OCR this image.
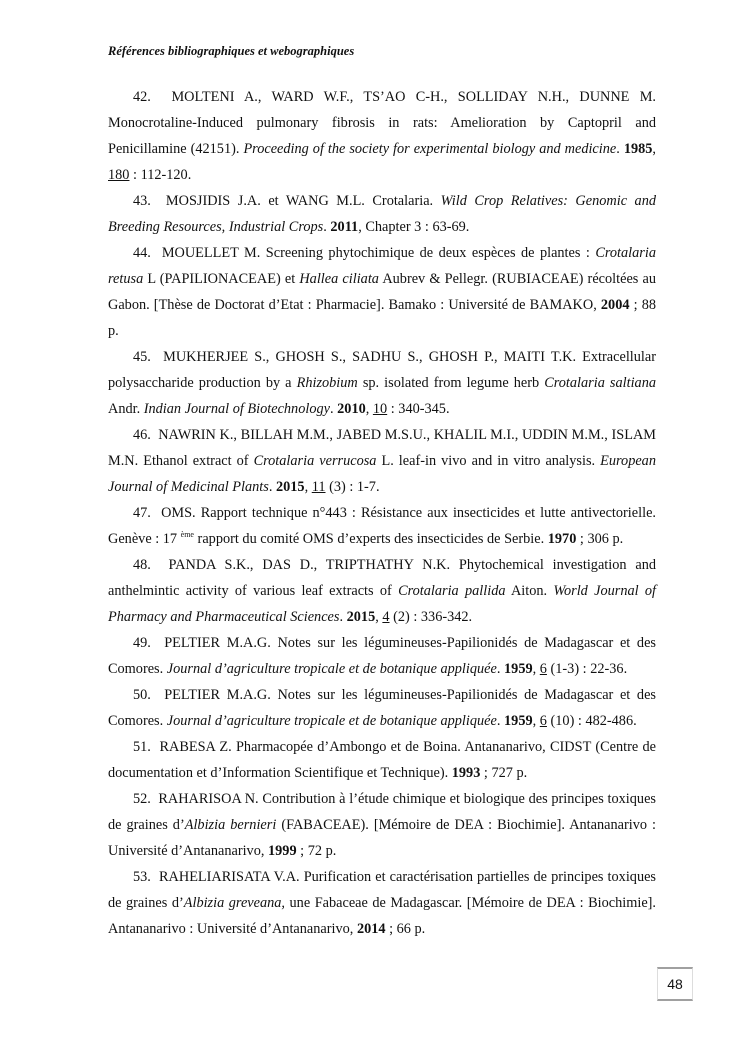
Références bibliographiques et webographiques

42. MOLTENI A., WARD W.F., TS’AO C-H., SOLLIDAY N.H., DUNNE M. Monocrotaline-Induced pulmonary fibrosis in rats: Amelioration by Captopril and Penicillamine (42151). Proceeding of the society for experimental biology and medicine. 1985, 180 : 112-120.

43. MOSJIDIS J.A. et WANG M.L. Crotalaria. Wild Crop Relatives: Genomic and Breeding Resources, Industrial Crops. 2011, Chapter 3 : 63-69.

44. MOUELLET M. Screening phytochimique de deux espèces de plantes : Crotalaria retusa L (PAPILIONACEAE) et Hallea ciliata Aubrev & Pellegr. (RUBIACEAE) récoltées au Gabon. [Thèse de Doctorat d’Etat : Pharmacie]. Bamako : Université de BAMAKO, 2004 ; 88 p.

45. MUKHERJEE S., GHOSH S., SADHU S., GHOSH P., MAITI T.K. Extracellular polysaccharide production by a Rhizobium sp. isolated from legume herb Crotalaria saltiana Andr. Indian Journal of Biotechnology. 2010, 10 : 340-345.

46. NAWRIN K., BILLAH M.M., JABED M.S.U., KHALIL M.I., UDDIN M.M., ISLAM M.N. Ethanol extract of Crotalaria verrucosa L. leaf-in vivo and in vitro analysis. European Journal of Medicinal Plants. 2015, 11 (3) : 1-7.

47. OMS. Rapport technique n°443 : Résistance aux insecticides et lutte antivectorielle. Genève : 17 $^{ème}$ rapport du comité OMS d’experts des insecticides de Serbie. 1970 ; 306 p.

48. PANDA S.K., DAS D., TRIPTHATHY N.K. Phytochemical investigation and anthelmintic activity of various leaf extracts of Crotalaria pallida Aiton. World Journal of Pharmacy and Pharmaceutical Sciences. 2015, 4 (2) : 336-342.

49. PELTIER M.A.G. Notes sur les légumineuses-Papilionidés de Madagascar et des Comores. Journal d’agriculture tropicale et de botanique appliquée. 1959, 6 (1-3) : 22-36.

50.  PELTIER M.A.G. Notes sur les légumineuses-Papilionidés de Madagascar et des Comores. Journal d’agriculture tropicale et de botanique appliquée. 1959, 6 (10) : 482-486.

51. RABESA Z. Pharmacopée d’Ambongo et de Boina. Antananarivo, CIDST (Centre de documentation et d’Information Scientifique et Technique). 1993 ; 727 p.

52. RAHARISOA N. Contribution à l’étude chimique et biologique des principes toxiques de graines d’Albizia bernieri (FABACEAE). [Mémoire de DEA : Biochimie]. Antananarivo : Université d’Antananarivo, 1999 ; 72 p.

53. RAHELIARISATA V.A. Purification et caractérisation partielles de principes toxiques de graines d’Albizia greveana, une Fabaceae de Madagascar. [Mémoire de DEA : Biochimie]. Antananarivo : Université d’Antananarivo, 2014 ; 66 p.

48
